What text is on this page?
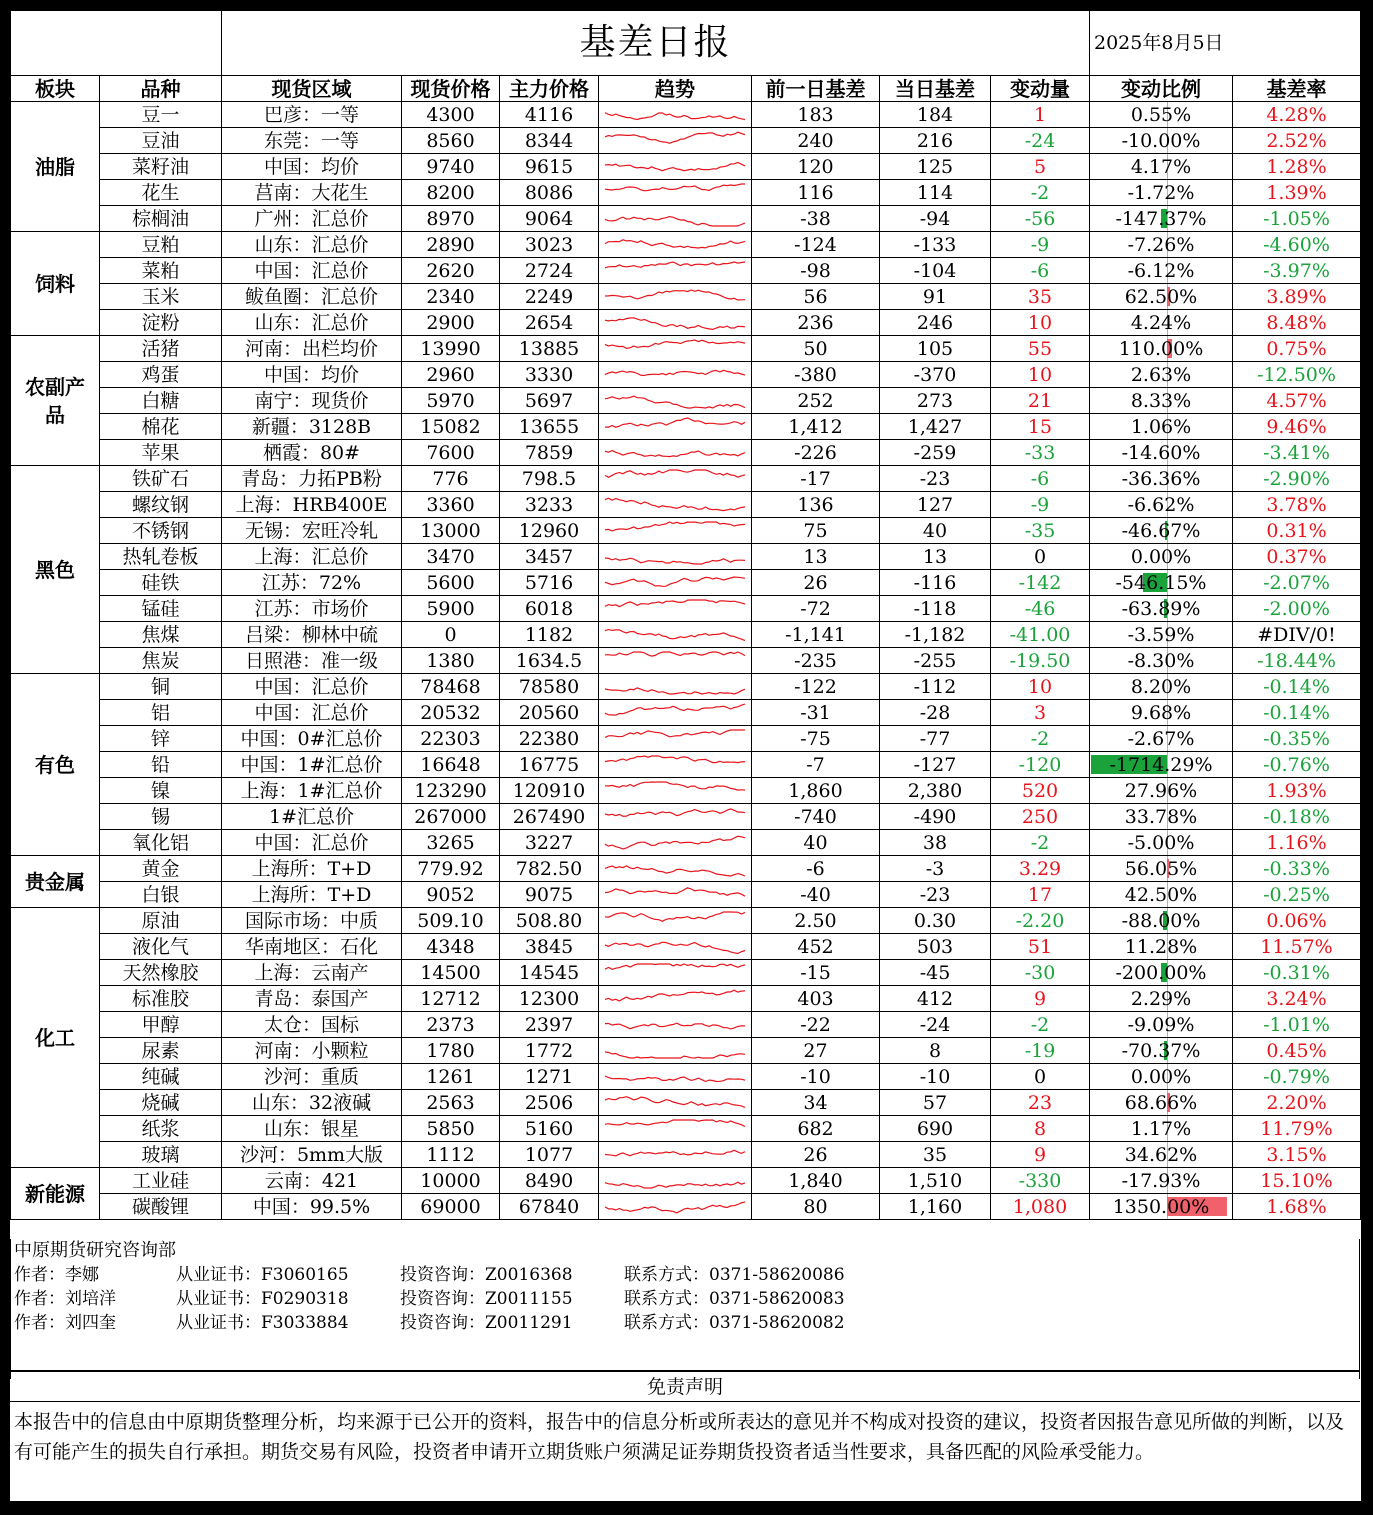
		基差日报							2025年8月5日	
板块	品种	现货区域	现货价格	主力价格	趋势	前一日基差	当日基差	变动量	变动比例	基差率
油脂	豆一	巴彦：一等	4300	4116		183	184	1	0.55%	4.28%
	豆油	东莞：一等	8560	8344		240	216	-24	-10.00%	2.52%
	菜籽油	中国：均价	9740	9615		120	125	5	4.17%	1.28%
	花生	莒南：大花生	8200	8086		116	114	-2	-1.72%	1.39%
	棕榈油	广州：汇总价	8970	9064		-38	-94	-56	-147.37%	-1.05%
饲料	豆粕	山东：汇总价	2890	3023		-124	-133	-9	-7.26%	-4.60%
	菜粕	中国：汇总价	2620	2724		-98	-104	-6	-6.12%	-3.97%
	玉米	鲅鱼圈：汇总价	2340	2249		56	91	35	62.50%	3.89%
	淀粉	山东：汇总价	2900	2654		236	246	10	4.24%	8.48%
农副产品	活猪	河南：出栏均价	13990	13885		50	105	55	110.00%	0.75%
	鸡蛋	中国：均价	2960	3330		-380	-370	10	2.63%	-12.50%
	白糖	南宁：现货价	5970	5697		252	273	21	8.33%	4.57%
	棉花	新疆：3128B	15082	13655		1,412	1,427	15	1.06%	9.46%
	苹果	栖霞：80#	7600	7859		-226	-259	-33	-14.60%	-3.41%
黑色	铁矿石	青岛：力拓PB粉	776	798.5		-17	-23	-6	-36.36%	-2.90%
	螺纹钢	上海：HRB400E	3360	3233		136	127	-9	-6.62%	3.78%
	不锈钢	无锡：宏旺冷轧	13000	12960		75	40	-35	-46.67%	0.31%
	热轧卷板	上海：汇总价	3470	3457		13	13	0	0.00%	0.37%
	硅铁	江苏：72%	5600	5716		26	-116	-142	-546.15%	-2.07%
	锰硅	江苏：市场价	5900	6018		-72	-118	-46	-63.89%	-2.00%
	焦煤	吕梁：柳林中硫	0	1182		-1,141	-1,182	-41.00	-3.59%	#DIV/0!
	焦炭	日照港：准一级	1380	1634.5		-235	-255	-19.50	-8.30%	-18.44%
有色	铜	中国：汇总价	78468	78580		-122	-112	10	8.20%	-0.14%
	铝	中国：汇总价	20532	20560		-31	-28	3	9.68%	-0.14%
	锌	中国：0#汇总价	22303	22380		-75	-77	-2	-2.67%	-0.35%
	铅	中国：1#汇总价	16648	16775		-7	-127	-120	-1714.29%	-0.76%
	镍	上海：1#汇总价	123290	120910		1,860	2,380	520	27.96%	1.93%
	锡	1#汇总价	267000	267490		-740	-490	250	33.78%	-0.18%
	氧化铝	中国：汇总价	3265	3227		40	38	-2	-5.00%	1.16%
贵金属	黄金	上海所：T+D	779.92	782.50		-6	-3	3.29	56.05%	-0.33%
	白银	上海所：T+D	9052	9075		-40	-23	17	42.50%	-0.25%
化工	原油	国际市场：中质	509.10	508.80		2.50	0.30	-2.20	-88.00%	0.06%
	液化气	华南地区：石化	4348	3845		452	503	51	11.28%	11.57%
	天然橡胶	上海：云南产	14500	14545		-15	-45	-30	-200.00%	-0.31%
	标准胶	青岛：泰国产	12712	12300		403	412	9	2.29%	3.24%
	甲醇	太仓：国标	2373	2397		-22	-24	-2	-9.09%	-1.01%
	尿素	河南：小颗粒	1780	1772		27	8	-19	-70.37%	0.45%
	纯碱	沙河：重质	1261	1271		-10	-10	0	0.00%	-0.79%
	烧碱	山东：32液碱	2563	2506		34	57	23	68.66%	2.20%
	纸浆	山东：银星	5850	5160		682	690	8	1.17%	11.79%
	玻璃	沙河：5mm大版	1112	1077		26	35	9	34.62%	3.15%
新能源	工业硅	云南：421	10000	8490		1,840	1,510	-330	-17.93%	15.10%
	碳酸锂	中国：99.5%	69000	67840		80	1,160	1,080	1350.00%	1.68%
中原期货研究咨询部
作者：李娜	从业证书：F3060165	投资咨询：Z0016368	联系方式：0371-58620086
作者：刘培洋	从业证书：F0290318	投资咨询：Z0011155	联系方式：0371-58620083
作者：刘四奎	从业证书：F3033884	投资咨询：Z0011291	联系方式：0371-58620082
免责声明
本报告中的信息由中原期货整理分析，均来源于已公开的资料，报告中的信息分析或所表达的意见并不构成对投资的建议，投资者因报告意见所做的判断，以及有可能产生的损失自行承担。期货交易有风险，投资者申请开立期货账户须满足证券期货投资者适当性要求，具备匹配的风险承受能力。
